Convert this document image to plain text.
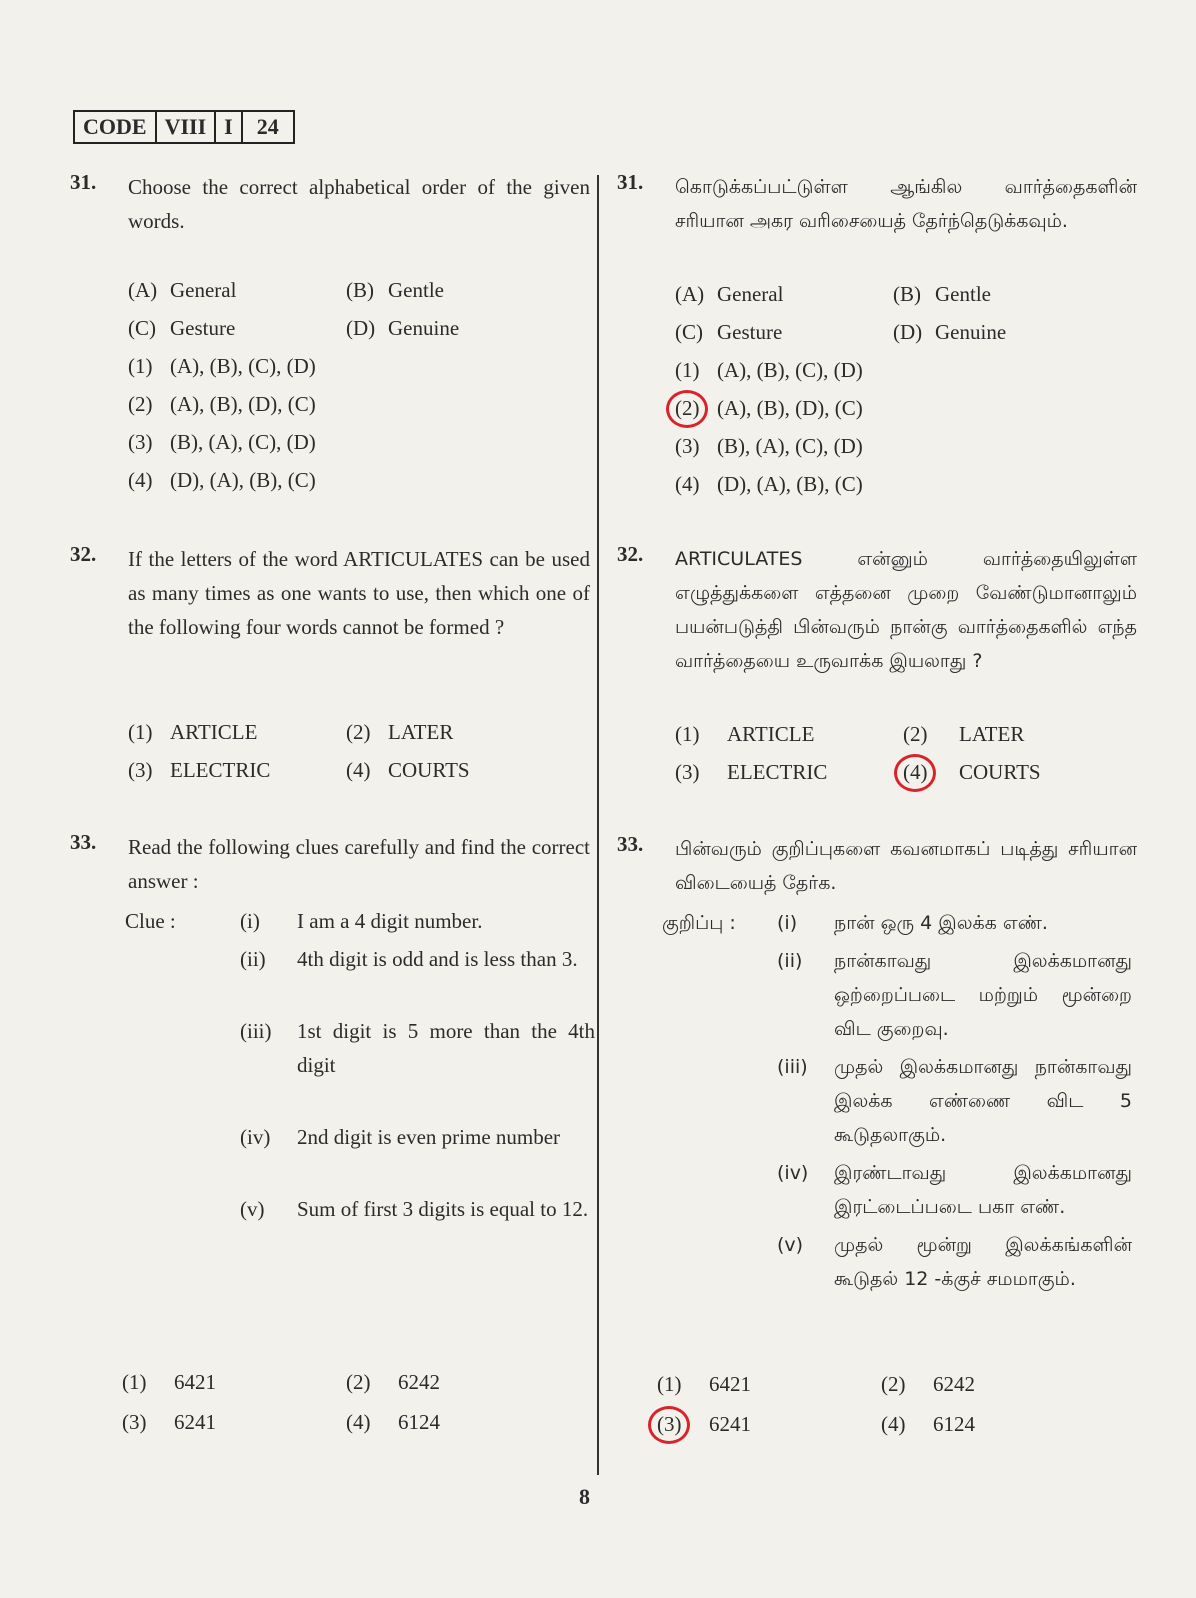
CODE VIII I	24
31. Choose the correct alphabetical order of the given words.
(A) General	(B) Gentle
(C) Gesture	(D) Genuine
(1) (A), (B), (C), (D)
(2) (A), (B), (D), (C)
(3) (B), (A), (C), (D)
(4) (D), (A), (B), (C)
32. If the letters of the word ARTICULATES can be used as many times as one wants to use, then which one of the following four words cannot be formed ?
(1) ARTICLE	(2) LATER
(3) ELECTRIC	(4) COURTS
33. Read the following clues carefully and find the correct answer :
Clue :	(i) I am a 4 digit number.
(ii) 4th digit is odd and is less than 3.
(iii) 1st digit is 5 more than the 4th digit
(iv) 2nd digit is even prime number
(v) Sum of first 3 digits is equal to 12.
(1)	6421	(2)	6242
(3)	6241	(4)	6124
31. கொடுக்கப்பட்டுள்ள ஆங்கில வார்த்தைகளின் சரியான அகர வரிசையைத் தேர்ந்தெடுக்கவும்.
(A) General	(B) Gentle
(C) Gesture	(D) Genuine
(1) (A), (B), (C), (D)
(2) (A), (B), (D), (C)
(3) (B), (A), (C), (D)
(4) (D), (A), (B), (C)
32. ARTICULATES என்னும் வார்த்தையிலுள்ள எழுத்துக்களை எத்தனை முறை வேண்டுமானாலும் பயன்படுத்தி பின்வரும் நான்கு வார்த்தைகளில் எந்த வார்த்தையை உருவாக்க இயலாது ?
(1)	ARTICLE	(2)	LATER
(3)	ELECTRIC	(4)	COURTS
33. பின்வரும் குறிப்புகளை கவனமாகப் படித்து சரியான விடையைத் தேர்க.
குறிப்பு : (i) நான் ஒரு 4 இலக்க எண்.
(ii) நான்காவது இலக்கமானது ஒற்றைப்படை மற்றும் மூன்றை விட குறைவு.
(iii) முதல் இலக்கமானது நான்காவது இலக்க எண்ணை விட 5 கூடுதலாகும்.
(iv) இரண்டாவது இலக்கமானது இரட்டைப்படை பகா எண்.
(v) முதல் மூன்று இலக்கங்களின் கூடுதல் 12 -க்குச் சமமாகும்.
(1)	6421	(2)	6242
(3)	6241	(4)	6124
8
